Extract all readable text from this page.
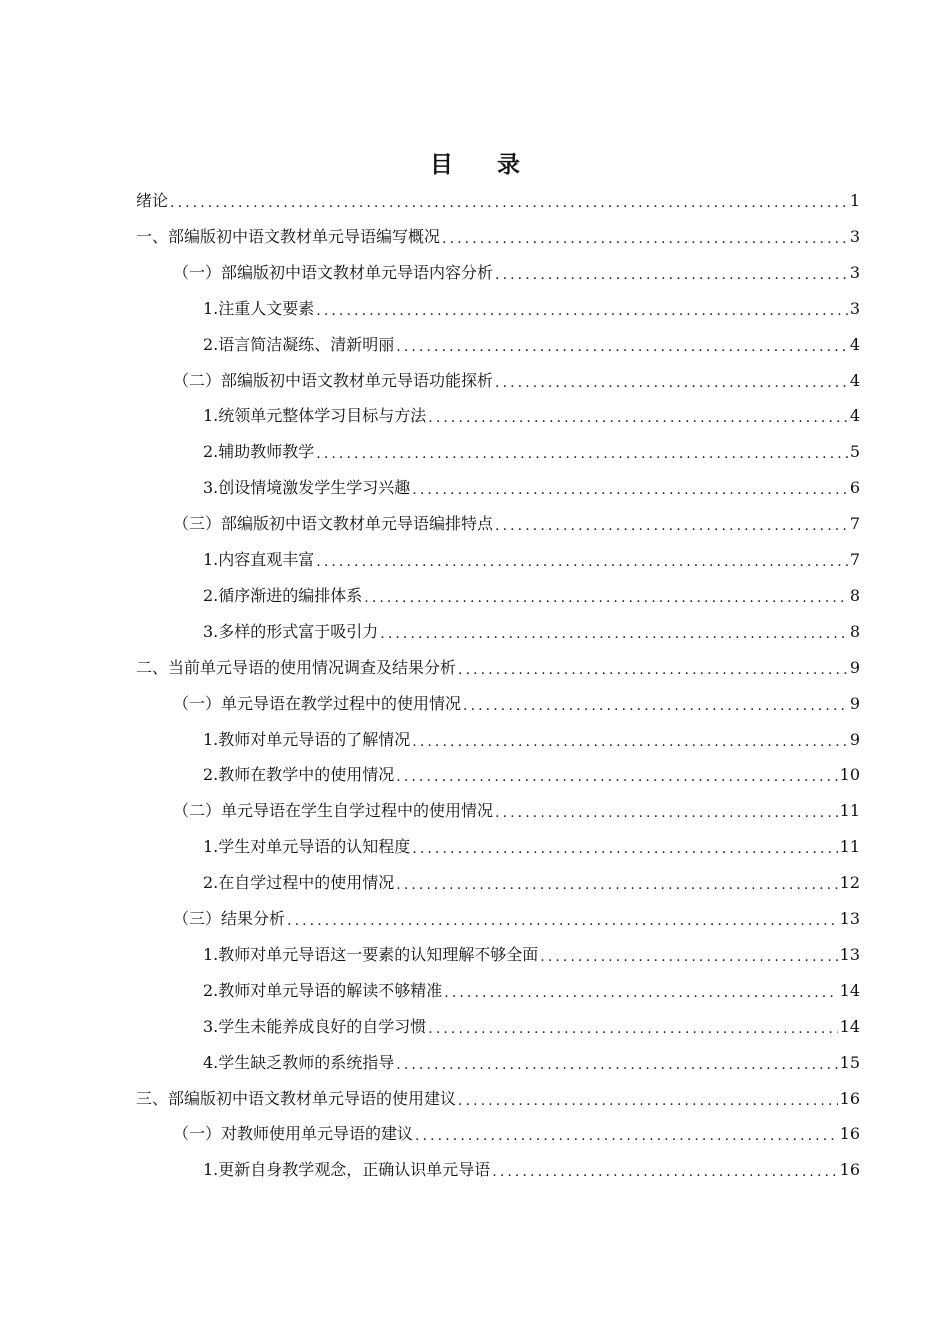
目 录
绪论 .....	1
一、部编版初中语文教材单元导语编写概况 .....	3
（一）部编版初中语文教材单元导语内容分析 .....	3
1.注重人文要素 .....	3
2.语言简洁凝练、清新明丽 .....	4
（二）部编版初中语文教材单元导语功能探析 .....	4
1.统领单元整体学习目标与方法 .....	4
2.辅助教师教学 .....	5
3.创设情境激发学生学习兴趣 .....	6
（三）部编版初中语文教材单元导语编排特点 .....	7
1.内容直观丰富 .....	7
2.循序渐进的编排体系 .....	8
3.多样的形式富于吸引力 .....	8
二、当前单元导语的使用情况调查及结果分析 .....	9
（一）单元导语在教学过程中的使用情况 .....	9
1.教师对单元导语的了解情况 .....	9
2.教师在教学中的使用情况 .....	10
（二）单元导语在学生自学过程中的使用情况 .....	11
1.学生对单元导语的认知程度 .....	11
2.在自学过程中的使用情况 .....	12
（三）结果分析 .....	13
1.教师对单元导语这一要素的认知理解不够全面 .....	13
2.教师对单元导语的解读不够精准 .....	14
3.学生未能养成良好的自学习惯 .....	14
4.学生缺乏教师的系统指导 .....	15
三、部编版初中语文教材单元导语的使用建议 .....	16
（一）对教师使用单元导语的建议 .....	16
1.更新自身教学观念，正确认识单元导语 .....	16
